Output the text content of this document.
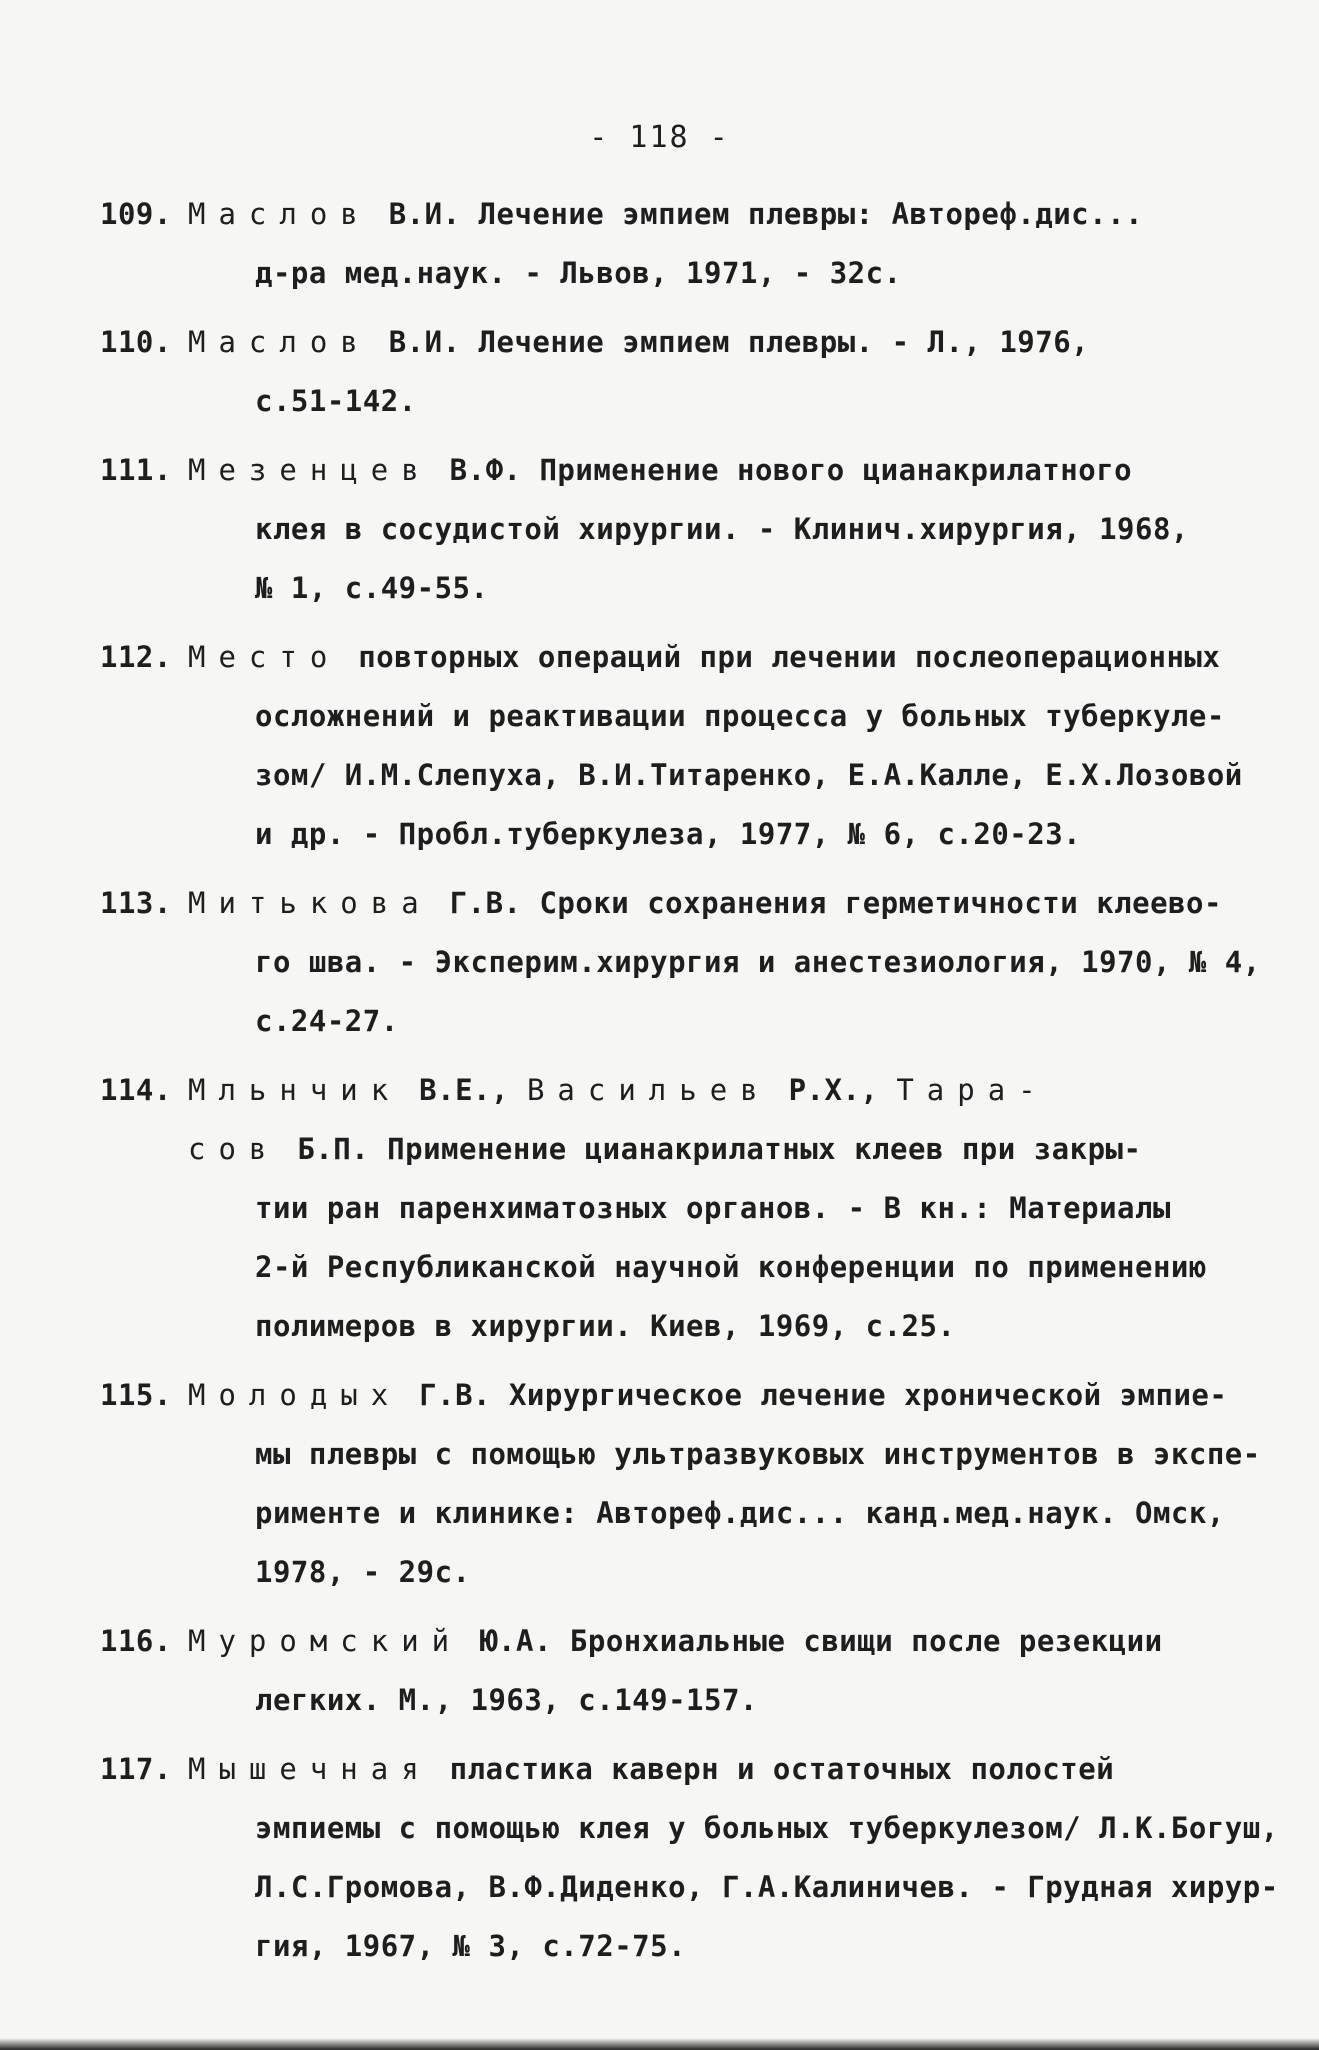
- 118 -
109. Маслов В.И. Лечение эмпием плевры: Автореф.дис...
д-ра мед.наук. - Львов, 1971, - 32с.
110. Маслов В.И. Лечение эмпием плевры. - Л., 1976,
с.51-142.
111. Мезенцев В.Ф. Применение нового цианакрилатного
клея в сосудистой хирургии. - Клинич.хирургия, 1968,
№ 1, с.49-55.
112. Место повторных операций при лечении послеоперационных
осложнений и реактивации процесса у больных туберкуле-
зом/ И.М.Слепуха, В.И.Титаренко, Е.А.Калле, Е.Х.Лозовой
и др. - Пробл.туберкулеза, 1977, № 6, с.20-23.
113. Митькова Г.В. Сроки сохранения герметичности клеево-
го шва. - Эксперим.хирургия и анестезиология, 1970, № 4,
с.24-27.
114. Мльнчик В.Е., Васильев Р.Х., Тара-
сов Б.П. Применение цианакрилатных клеев при закры-
тии ран паренхиматозных органов. - В кн.: Материалы
2-й Республиканской научной конференции по применению
полимеров в хирургии. Киев, 1969, с.25.
115. Молодых Г.В. Хирургическое лечение хронической эмпие-
мы плевры с помощью ультразвуковых инструментов в экспе-
рименте и клинике: Автореф.дис... канд.мед.наук. Омск,
1978, - 29с.
116. Муромский Ю.А. Бронхиальные свищи после резекции
легких. М., 1963, с.149-157.
117. Мышечная пластика каверн и остаточных полостей
эмпиемы с помощью клея у больных туберкулезом/ Л.К.Богуш,
Л.С.Громова, В.Ф.Диденко, Г.А.Калиничев. - Грудная хирур-
гия, 1967, № 3, с.72-75.
